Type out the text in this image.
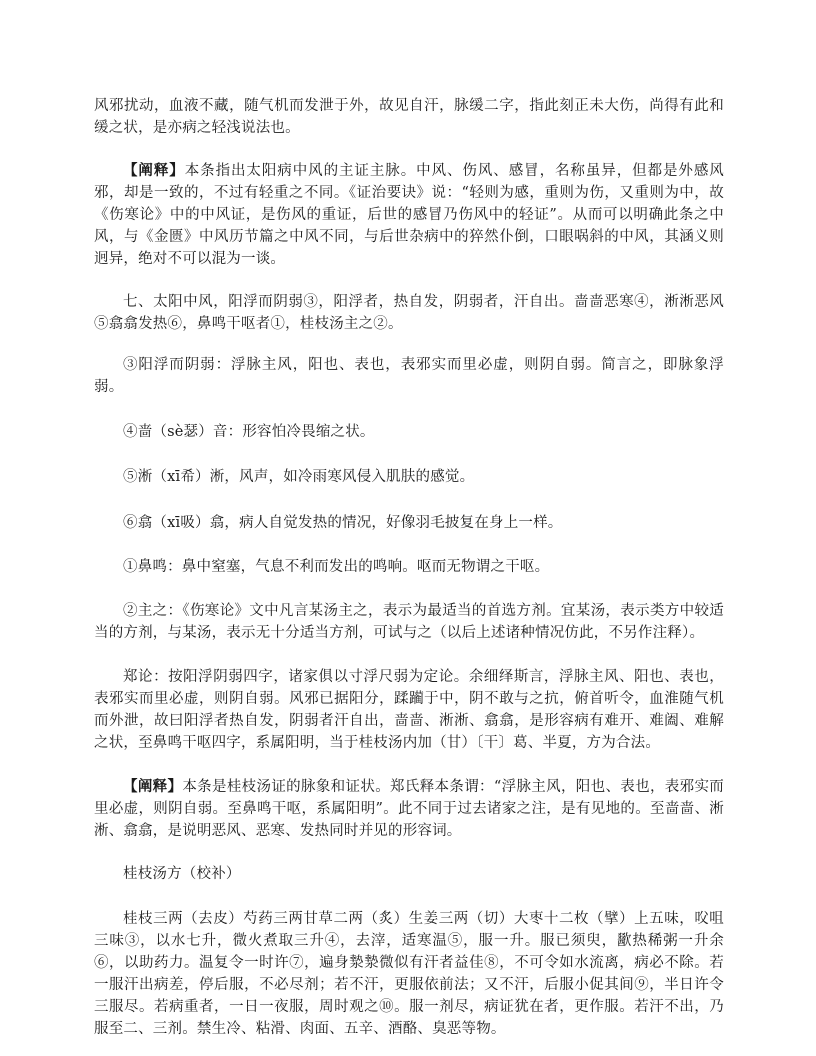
风邪扰动，血液不藏，随气机而发泄于外，故见自汗，脉缓二字，指此刻正未大伤，尚得有此和缓之状，是亦病之轻浅说法也。

【阐释】本条指出太阳病中风的主证主脉。中风、伤风、感冒，名称虽异，但都是外感风邪，却是一致的，不过有轻重之不同。《证治要诀》说：“轻则为感，重则为伤，又重则为中，故《伤寒论》中的中风证，是伤风的重证，后世的感冒乃伤风中的轻证”。从而可以明确此条之中风，与《金匮》中风历节篇之中风不同，与后世杂病中的猝然仆倒，口眼㖞斜的中风，其涵义则迥异，绝对不可以混为一谈。

七、太阳中风，阳浮而阴弱③，阳浮者，热自发，阴弱者，汗自出。啬啬恶寒④，淅淅恶风⑤翕翕发热⑥，鼻鸣干呕者①，桂枝汤主之②。

③阳浮而阴弱：浮脉主风，阳也、表也，表邪实而里必虚，则阴自弱。简言之，即脉象浮弱。

④啬（sè瑟）音：形容怕冷畏缩之状。

⑤淅（xī希）淅，风声，如冷雨寒风侵入肌肤的感觉。

⑥翕（xī吸）翕，病人自觉发热的情况，好像羽毛披复在身上一样。

①鼻鸣：鼻中窒塞，气息不利而发出的鸣响。呕而无物谓之干呕。

②主之：《伤寒论》文中凡言某汤主之，表示为最适当的首选方剂。宜某汤，表示类方中较适当的方剂，与某汤，表示无十分适当方剂，可试与之（以后上述诸种情况仿此，不另作注释）。

郑论：按阳浮阴弱四字，诸家俱以寸浮尺弱为定论。余细绎斯言，浮脉主风、阳也、表也，表邪实而里必虚，则阴自弱。风邪已据阳分，蹂躏于中，阴不敢与之抗，俯首听令，血淮随气机而外泄，故曰阳浮者热自发，阴弱者汗自出，啬啬、淅淅、翕翕，是形容病有难开、难阖、难解之状，至鼻鸣干呕四字，系属阳明，当于桂枝汤内加（甘）〔干〕葛、半夏，方为合法。

【阐释】本条是桂枝汤证的脉象和证状。郑氏释本条谓：“浮脉主风，阳也、表也，表邪实而里必虚，则阴自弱。至鼻鸣干呕，系属阳明”。此不同于过去诸家之注，是有见地的。至啬啬、淅淅、翕翕，是说明恶风、恶寒、发热同时并见的形容词。

桂枝汤方（校补）

桂枝三两（去皮）芍药三两甘草二两（炙）生姜三两（切）大枣十二枚（擘）上五味，㕮咀三味③，以水七升，微火煮取三升④，去滓，适寒温⑤，服一升。服已须臾，歠热稀粥一升余⑥，以助药力。温复令一时许⑦，遍身漐漐微似有汗者益佳⑧，不可令如水流离，病必不除。若一服汗出病差，停后服，不必尽剂；若不汗，更服依前法；又不汗，后服小促其间⑨，半日许令三服尽。若病重者，一日一夜服，周时观之⑩。服一剂尽，病证犹在者，更作服。若汗不出，乃服至二、三剂。禁生冷、粘滑、肉面、五辛、酒酪、臭恶等物。
